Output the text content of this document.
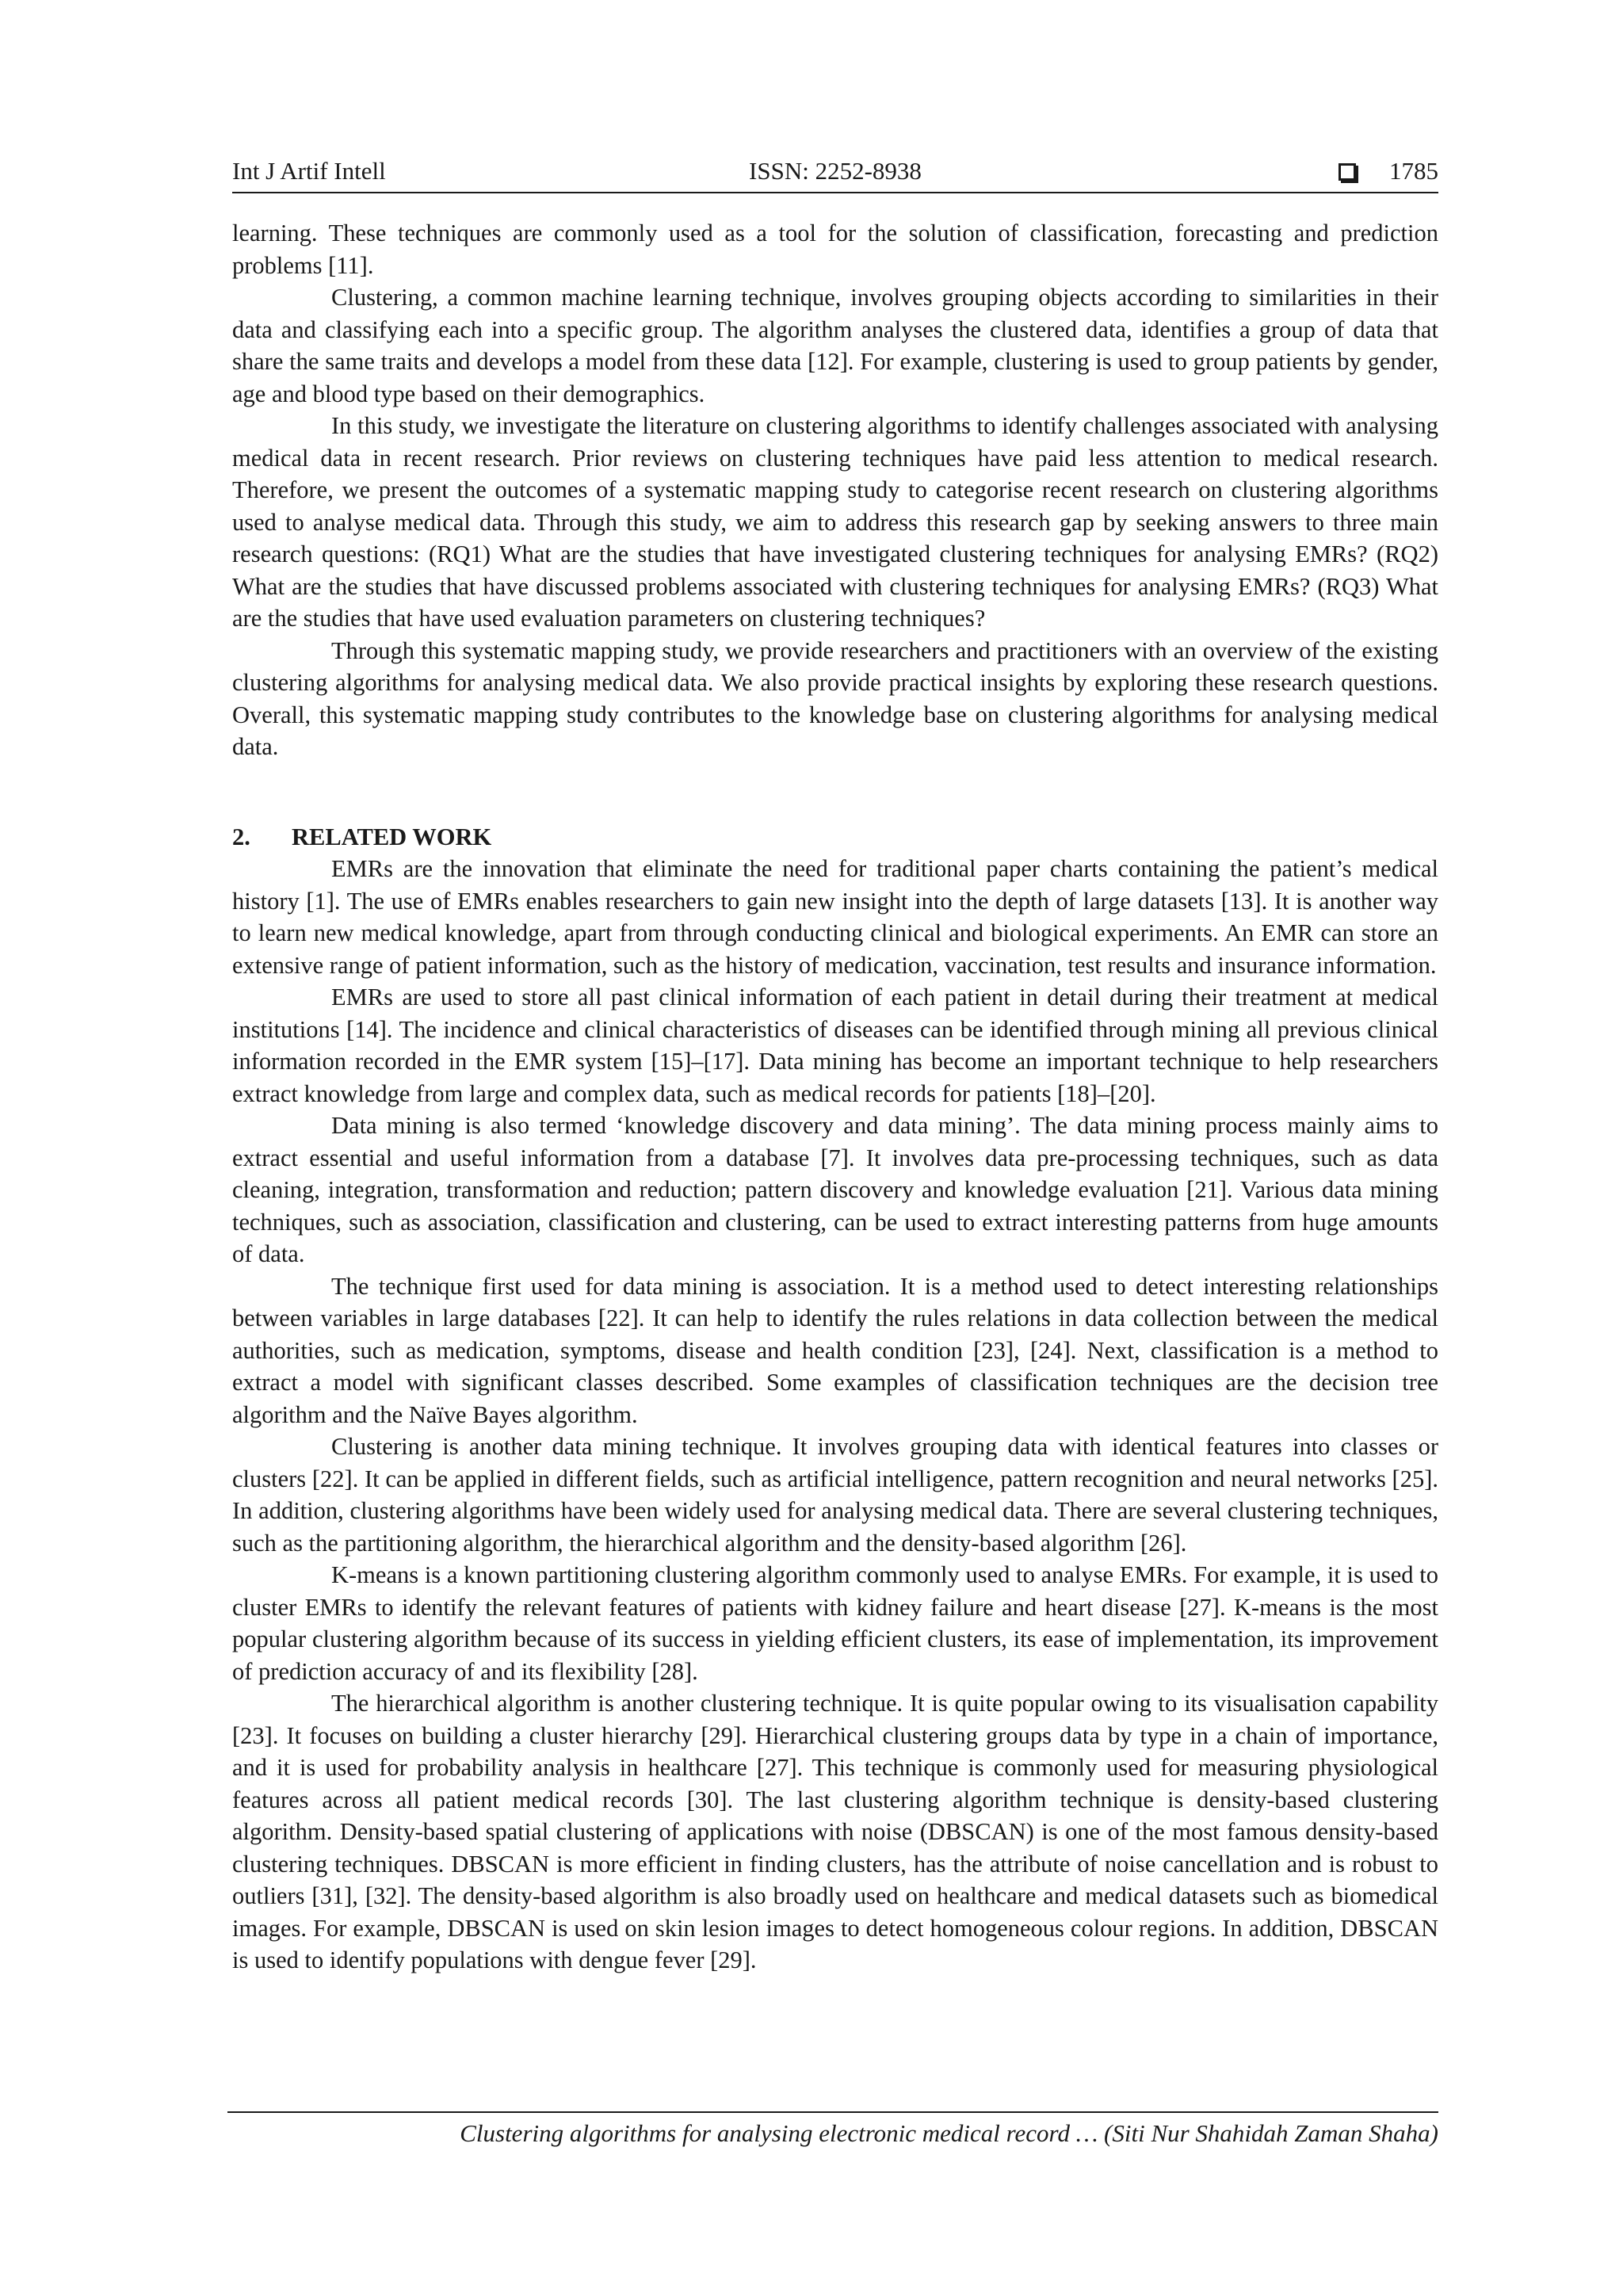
Int J Artif Intell	ISSN: 2252-8938	1785

learning. These techniques are commonly used as a tool for the solution of classification, forecasting and prediction problems [11].

Clustering, a common machine learning technique, involves grouping objects according to similarities in their data and classifying each into a specific group. The algorithm analyses the clustered data, identifies a group of data that share the same traits and develops a model from these data [12]. For example, clustering is used to group patients by gender, age and blood type based on their demographics.

In this study, we investigate the literature on clustering algorithms to identify challenges associated with analysing medical data in recent research. Prior reviews on clustering techniques have paid less attention to medical research. Therefore, we present the outcomes of a systematic mapping study to categorise recent research on clustering algorithms used to analyse medical data. Through this study, we aim to address this research gap by seeking answers to three main research questions: (RQ1) What are the studies that have investigated clustering techniques for analysing EMRs? (RQ2) What are the studies that have discussed problems associated with clustering techniques for analysing EMRs? (RQ3) What are the studies that have used evaluation parameters on clustering techniques?

Through this systematic mapping study, we provide researchers and practitioners with an overview of the existing clustering algorithms for analysing medical data. We also provide practical insights by exploring these research questions. Overall, this systematic mapping study contributes to the knowledge base on clustering algorithms for analysing medical data.

2. RELATED WORK

EMRs are the innovation that eliminate the need for traditional paper charts containing the patient’s medical history [1]. The use of EMRs enables researchers to gain new insight into the depth of large datasets [13]. It is another way to learn new medical knowledge, apart from through conducting clinical and biological experiments. An EMR can store an extensive range of patient information, such as the history of medication, vaccination, test results and insurance information.

EMRs are used to store all past clinical information of each patient in detail during their treatment at medical institutions [14]. The incidence and clinical characteristics of diseases can be identified through mining all previous clinical information recorded in the EMR system [15]–[17]. Data mining has become an important technique to help researchers extract knowledge from large and complex data, such as medical records for patients [18]–[20].

Data mining is also termed ‘knowledge discovery and data mining’. The data mining process mainly aims to extract essential and useful information from a database [7]. It involves data pre-processing techniques, such as data cleaning, integration, transformation and reduction; pattern discovery and knowledge evaluation [21]. Various data mining techniques, such as association, classification and clustering, can be used to extract interesting patterns from huge amounts of data.

The technique first used for data mining is association. It is a method used to detect interesting relationships between variables in large databases [22]. It can help to identify the rules relations in data collection between the medical authorities, such as medication, symptoms, disease and health condition [23], [24]. Next, classification is a method to extract a model with significant classes described. Some examples of classification techniques are the decision tree algorithm and the Naïve Bayes algorithm.

Clustering is another data mining technique. It involves grouping data with identical features into classes or clusters [22]. It can be applied in different fields, such as artificial intelligence, pattern recognition and neural networks [25]. In addition, clustering algorithms have been widely used for analysing medical data. There are several clustering techniques, such as the partitioning algorithm, the hierarchical algorithm and the density-based algorithm [26].

K-means is a known partitioning clustering algorithm commonly used to analyse EMRs. For example, it is used to cluster EMRs to identify the relevant features of patients with kidney failure and heart disease [27]. K-means is the most popular clustering algorithm because of its success in yielding efficient clusters, its ease of implementation, its improvement of prediction accuracy of and its flexibility [28].

The hierarchical algorithm is another clustering technique. It is quite popular owing to its visualisation capability [23]. It focuses on building a cluster hierarchy [29]. Hierarchical clustering groups data by type in a chain of importance, and it is used for probability analysis in healthcare [27]. This technique is commonly used for measuring physiological features across all patient medical records [30]. The last clustering algorithm technique is density-based clustering algorithm. Density-based spatial clustering of applications with noise (DBSCAN) is one of the most famous density-based clustering techniques. DBSCAN is more efficient in finding clusters, has the attribute of noise cancellation and is robust to outliers [31], [32]. The density-based algorithm is also broadly used on healthcare and medical datasets such as biomedical images. For example, DBSCAN is used on skin lesion images to detect homogeneous colour regions. In addition, DBSCAN is used to identify populations with dengue fever [29].

Clustering algorithms for analysing electronic medical record … (Siti Nur Shahidah Zaman Shaha)
